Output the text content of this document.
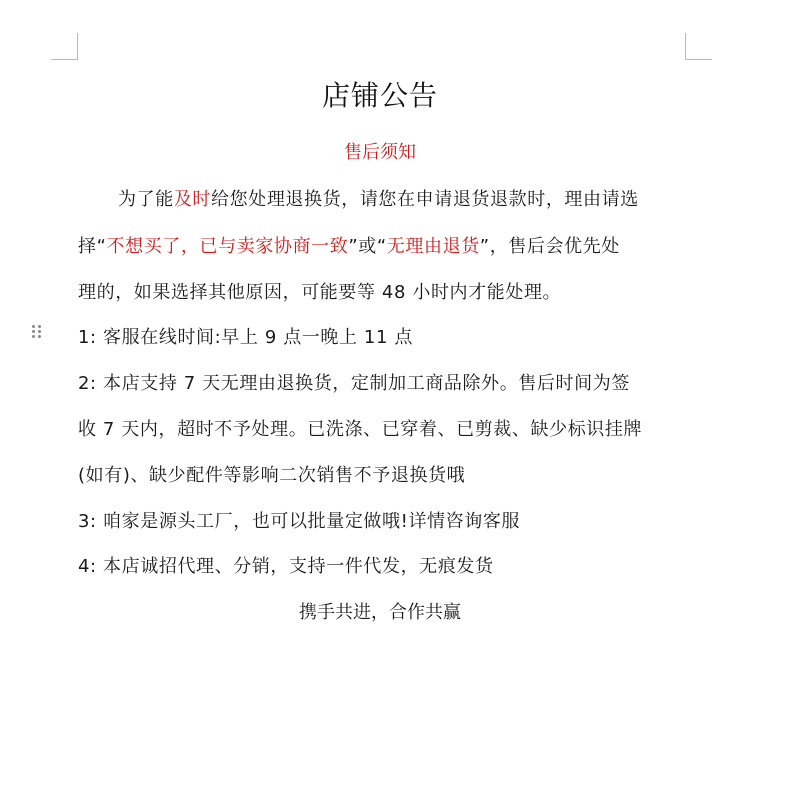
店铺公告
售后须知
为了能及时给您处理退换货，请您在申请退货退款时，理由请选
择“不想买了，已与卖家协商一致”或“无理由退货”，售后会优先处
理的，如果选择其他原因，可能要等 48 小时内才能处理。
1: 客服在线时间:早上 9 点一晚上 11 点
2: 本店支持 7 天无理由退换货，定制加工商品除外。售后时间为签
收 7 天内，超时不予处理。已洗涤、已穿着、已剪裁、缺少标识挂牌
(如有)、缺少配件等影响二次销售不予退换货哦
3: 咱家是源头工厂，也可以批量定做哦!详情咨询客服
4: 本店诚招代理、分销，支持一件代发，无痕发货
携手共进，合作共赢
